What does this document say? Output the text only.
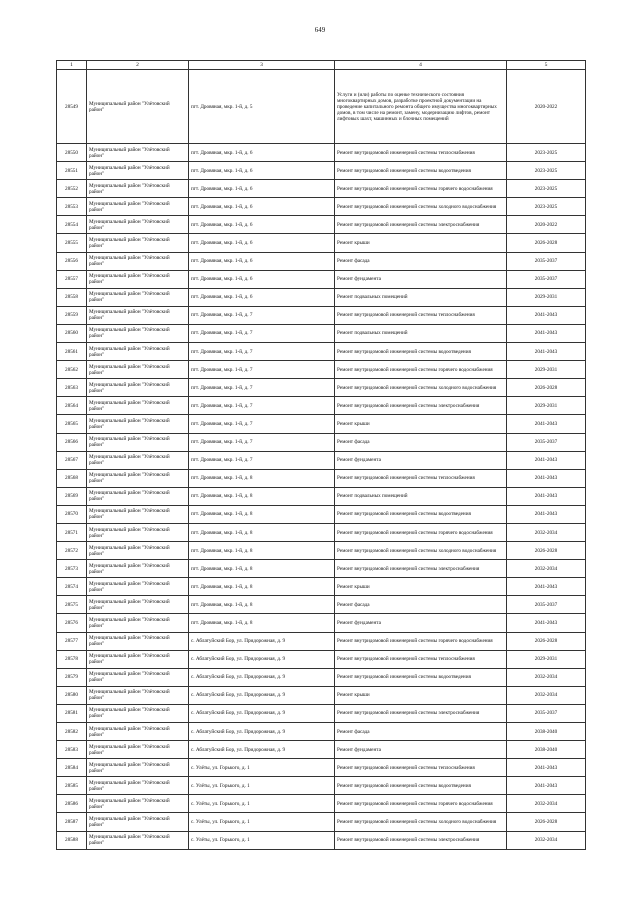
649
1	2	3	4	5
28549	Муниципальный район "Улётовский район"	пгт. Дровяная, мкр. 1-й, д. 5	Услуги и (или) работы по оценке технического состояния многоквартирных домов, разработке проектной документации на проведение капитального ремонта общего имущества многоквартирных домов, в том числе на ремонт, замену, модернизацию лифтов, ремонт лифтовых шахт, машинных и блочных помещений	2020-2022
28550	Муниципальный район "Улётовский район"	пгт. Дровяная, мкр. 1-й, д. 6	Ремонт внутридомовой инженерной системы теплоснабжения	2023-2025
28551	Муниципальный район "Улётовский район"	пгт. Дровяная, мкр. 1-й, д. 6	Ремонт внутридомовой инженерной системы водоотведения	2023-2025
28552	Муниципальный район "Улётовский район"	пгт. Дровяная, мкр. 1-й, д. 6	Ремонт внутридомовой инженерной системы горячего водоснабжения	2023-2025
28553	Муниципальный район "Улётовский район"	пгт. Дровяная, мкр. 1-й, д. 6	Ремонт внутридомовой инженерной системы холодного водоснабжения	2023-2025
28554	Муниципальный район "Улётовский район"	пгт. Дровяная, мкр. 1-й, д. 6	Ремонт внутридомовой инженерной системы электроснабжения	2020-2022
28555	Муниципальный район "Улётовский район"	пгт. Дровяная, мкр. 1-й, д. 6	Ремонт крыши	2026-2028
28556	Муниципальный район "Улётовский район"	пгт. Дровяная, мкр. 1-й, д. 6	Ремонт фасада	2035-2037
28557	Муниципальный район "Улётовский район"	пгт. Дровяная, мкр. 1-й, д. 6	Ремонт фундамента	2035-2037
28558	Муниципальный район "Улётовский район"	пгт. Дровяная, мкр. 1-й, д. 6	Ремонт подвальных помещений	2029-2031
28559	Муниципальный район "Улётовский район"	пгт. Дровяная, мкр. 1-й, д. 7	Ремонт внутридомовой инженерной системы теплоснабжения	2041-2043
28560	Муниципальный район "Улётовский район"	пгт. Дровяная, мкр. 1-й, д. 7	Ремонт подвальных помещений	2041-2043
28561	Муниципальный район "Улётовский район"	пгт. Дровяная, мкр. 1-й, д. 7	Ремонт внутридомовой инженерной системы водоотведения	2041-2043
28562	Муниципальный район "Улётовский район"	пгт. Дровяная, мкр. 1-й, д. 7	Ремонт внутридомовой инженерной системы горячего водоснабжения	2029-2031
28563	Муниципальный район "Улётовский район"	пгт. Дровяная, мкр. 1-й, д. 7	Ремонт внутридомовой инженерной системы холодного водоснабжения	2026-2028
28564	Муниципальный район "Улётовский район"	пгт. Дровяная, мкр. 1-й, д. 7	Ремонт внутридомовой инженерной системы электроснабжения	2029-2031
28565	Муниципальный район "Улётовский район"	пгт. Дровяная, мкр. 1-й, д. 7	Ремонт крыши	2041-2043
28566	Муниципальный район "Улётовский район"	пгт. Дровяная, мкр. 1-й, д. 7	Ремонт фасада	2035-2037
28567	Муниципальный район "Улётовский район"	пгт. Дровяная, мкр. 1-й, д. 7	Ремонт фундамента	2041-2043
28568	Муниципальный район "Улётовский район"	пгт. Дровяная, мкр. 1-й, д. 8	Ремонт внутридомовой инженерной системы теплоснабжения	2041-2043
28569	Муниципальный район "Улётовский район"	пгт. Дровяная, мкр. 1-й, д. 8	Ремонт подвальных помещений	2041-2043
28570	Муниципальный район "Улётовский район"	пгт. Дровяная, мкр. 1-й, д. 8	Ремонт внутридомовой инженерной системы водоотведения	2041-2043
28571	Муниципальный район "Улётовский район"	пгт. Дровяная, мкр. 1-й, д. 8	Ремонт внутридомовой инженерной системы горячего водоснабжения	2032-2034
28572	Муниципальный район "Улётовский район"	пгт. Дровяная, мкр. 1-й, д. 8	Ремонт внутридомовой инженерной системы холодного водоснабжения	2026-2028
28573	Муниципальный район "Улётовский район"	пгт. Дровяная, мкр. 1-й, д. 8	Ремонт внутридомовой инженерной системы электроснабжения	2032-2034
28574	Муниципальный район "Улётовский район"	пгт. Дровяная, мкр. 1-й, д. 8	Ремонт крыши	2041-2043
28575	Муниципальный район "Улётовский район"	пгт. Дровяная, мкр. 1-й, д. 8	Ремонт фасада	2035-2037
28576	Муниципальный район "Улётовский район"	пгт. Дровяная, мкр. 1-й, д. 8	Ремонт фундамента	2041-2043
28577	Муниципальный район "Улётовский район"	с. Аблатуйский Бор, ул. Придорожная, д. 9	Ремонт внутридомовой инженерной системы горячего водоснабжения	2026-2028
28578	Муниципальный район "Улётовский район"	с. Аблатуйский Бор, ул. Придорожная, д. 9	Ремонт внутридомовой инженерной системы теплоснабжения	2029-2031
28579	Муниципальный район "Улётовский район"	с. Аблатуйский Бор, ул. Придорожная, д. 9	Ремонт внутридомовой инженерной системы водоотведения	2032-2034
28580	Муниципальный район "Улётовский район"	с. Аблатуйский Бор, ул. Придорожная, д. 9	Ремонт крыши	2032-2034
28581	Муниципальный район "Улётовский район"	с. Аблатуйский Бор, ул. Придорожная, д. 9	Ремонт внутридомовой инженерной системы электроснабжения	2035-2037
28582	Муниципальный район "Улётовский район"	с. Аблатуйский Бор, ул. Придорожная, д. 9	Ремонт фасада	2038-2040
28583	Муниципальный район "Улётовский район"	с. Аблатуйский Бор, ул. Придорожная, д. 9	Ремонт фундамента	2038-2040
28584	Муниципальный район "Улётовский район"	с. Улёты, ул. Горького, д. 1	Ремонт внутридомовой инженерной системы теплоснабжения	2041-2043
28585	Муниципальный район "Улётовский район"	с. Улёты, ул. Горького, д. 1	Ремонт внутридомовой инженерной системы водоотведения	2041-2043
28586	Муниципальный район "Улётовский район"	с. Улёты, ул. Горького, д. 1	Ремонт внутридомовой инженерной системы горячего водоснабжения	2032-2034
28587	Муниципальный район "Улётовский район"	с. Улёты, ул. Горького, д. 1	Ремонт внутридомовой инженерной системы холодного водоснабжения	2026-2028
28588	Муниципальный район "Улётовский район"	с. Улёты, ул. Горького, д. 1	Ремонт внутридомовой инженерной системы электроснабжения	2032-2034
